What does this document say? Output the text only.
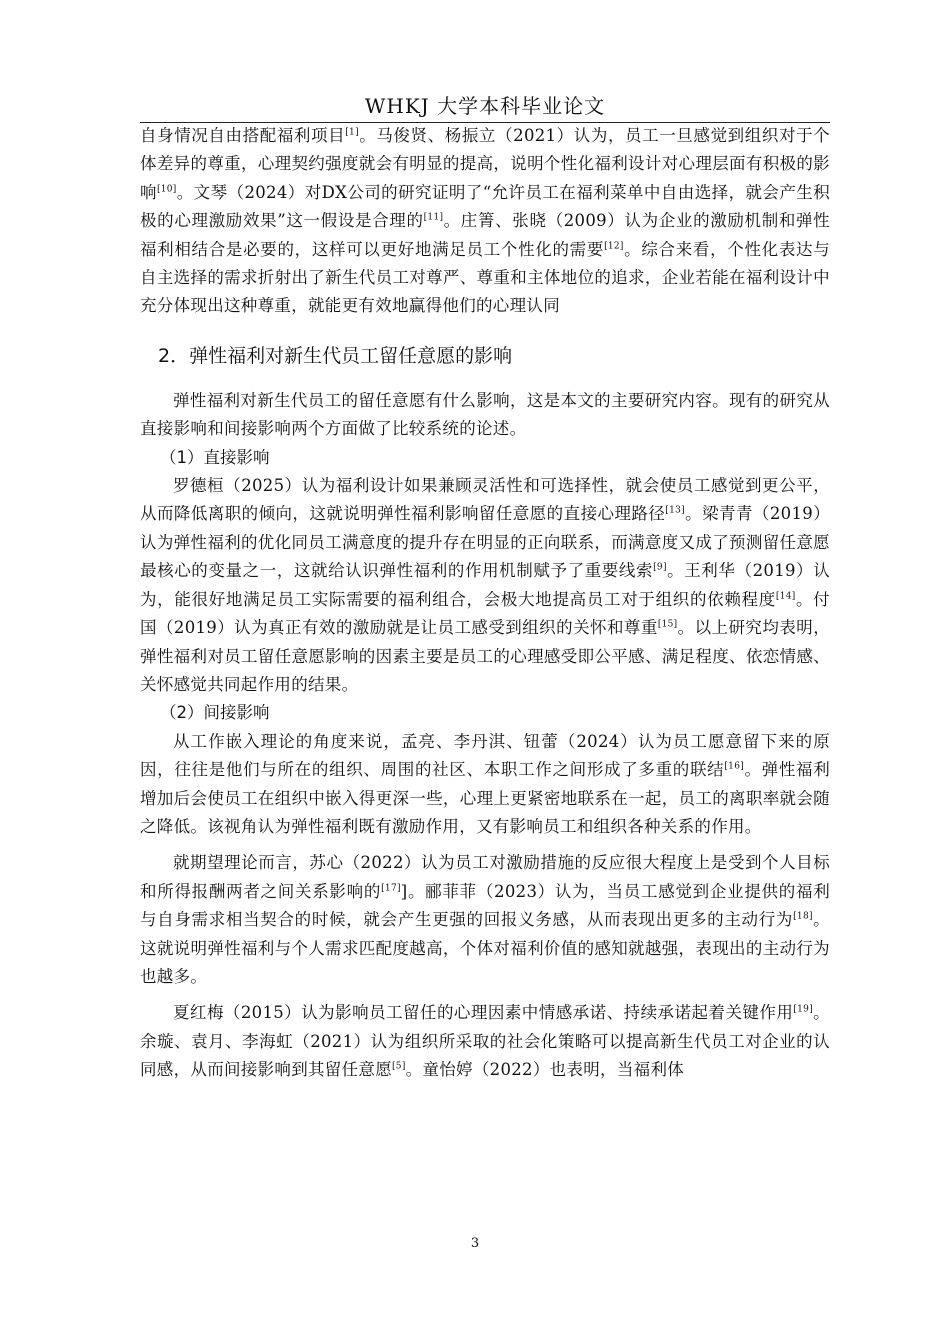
WHKJ 大学本科毕业论文

自身情况自由搭配福利项目[1]。马俊贤、杨振立（2021）认为，员工一旦感觉到组织对于个体差异的尊重，心理契约强度就会有明显的提高，说明个性化福利设计对心理层面有积极的影响[10]。文琴（2024）对DX公司的研究证明了“允许员工在福利菜单中自由选择，就会产生积极的心理激励效果”这一假设是合理的[11]。庄箐、张晓（2009）认为企业的激励机制和弹性福利相结合是必要的，这样可以更好地满足员工个性化的需要[12]。综合来看，个性化表达与自主选择的需求折射出了新生代员工对尊严、尊重和主体地位的追求，企业若能在福利设计中充分体现出这种尊重，就能更有效地赢得他们的心理认同

2．弹性福利对新生代员工留任意愿的影响

弹性福利对新生代员工的留任意愿有什么影响，这是本文的主要研究内容。现有的研究从直接影响和间接影响两个方面做了比较系统的论述。

（1）直接影响

罗德桓（2025）认为福利设计如果兼顾灵活性和可选择性，就会使员工感觉到更公平，从而降低离职的倾向，这就说明弹性福利影响留任意愿的直接心理路径[13]。梁青青（2019）认为弹性福利的优化同员工满意度的提升存在明显的正向联系，而满意度又成了预测留任意愿最核心的变量之一，这就给认识弹性福利的作用机制赋予了重要线索[9]。王利华（2019）认为，能很好地满足员工实际需要的福利组合，会极大地提高员工对于组织的依赖程度[14]。付国（2019）认为真正有效的激励就是让员工感受到组织的关怀和尊重[15]。以上研究均表明，弹性福利对员工留任意愿影响的因素主要是员工的心理感受即公平感、满足程度、依恋情感、关怀感觉共同起作用的结果。

（2）间接影响

从工作嵌入理论的角度来说，孟亮、李丹淇、钮蕾（2024）认为员工愿意留下来的原因，往往是他们与所在的组织、周围的社区、本职工作之间形成了多重的联结[16]。弹性福利增加后会使员工在组织中嵌入得更深一些，心理上更紧密地联系在一起，员工的离职率就会随之降低。该视角认为弹性福利既有激励作用，又有影响员工和组织各种关系的作用。

就期望理论而言，苏心（2022）认为员工对激励措施的反应很大程度上是受到个人目标和所得报酬两者之间关系影响的[17]]。郦菲菲（2023）认为，当员工感觉到企业提供的福利与自身需求相当契合的时候，就会产生更强的回报义务感，从而表现出更多的主动行为[18]。这就说明弹性福利与个人需求匹配度越高，个体对福利价值的感知就越强，表现出的主动行为也越多。

夏红梅（2015）认为影响员工留任的心理因素中情感承诺、持续承诺起着关键作用[19]。余璇、袁月、李海虹（2021）认为组织所采取的社会化策略可以提高新生代员工对企业的认同感，从而间接影响到其留任意愿[5]。童怡婷（2022）也表明，当福利体

3
